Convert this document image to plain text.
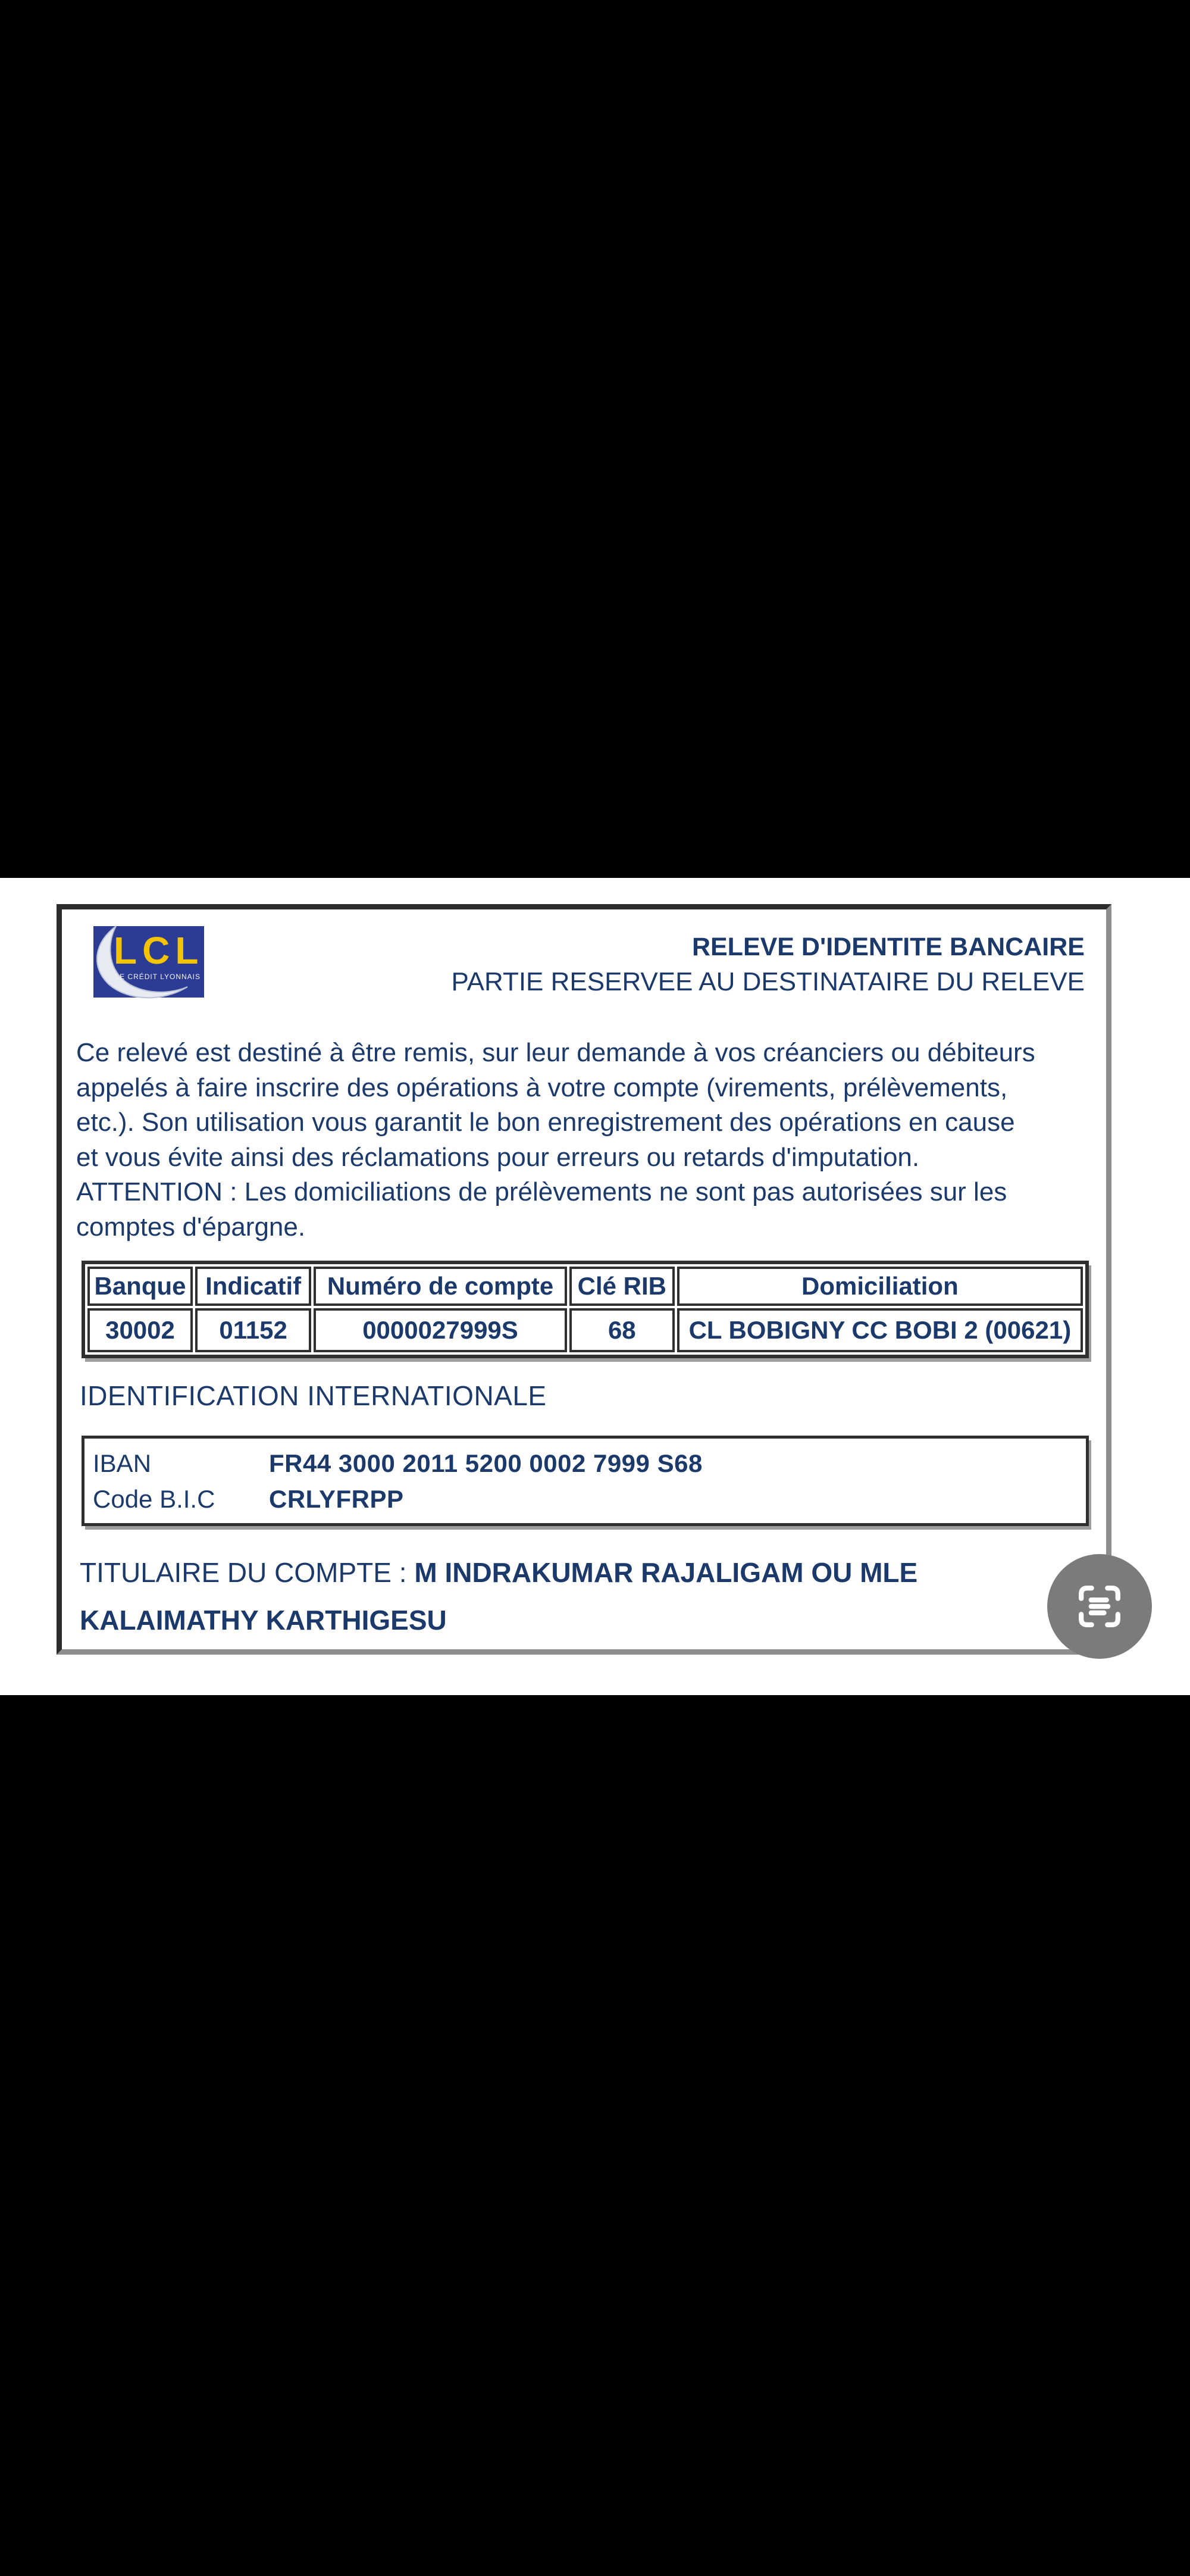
LCL
LE CRÉDIT LYONNAIS
RELEVE D'IDENTITE BANCAIRE
PARTIE RESERVEE AU DESTINATAIRE DU RELEVE
Ce relevé est destiné à être remis, sur leur demande à vos créanciers ou débiteurs
appelés à faire inscrire des opérations à votre compte (virements, prélèvements,
etc.). Son utilisation vous garantit le bon enregistrement des opérations en cause
et vous évite ainsi des réclamations pour erreurs ou retards d'imputation.
ATTENTION : Les domiciliations de prélèvements ne sont pas autorisées sur les
comptes d'épargne.
Banque	Indicatif	Numéro de compte	Clé RIB	Domiciliation
30002	01152	0000027999S	68	CL BOBIGNY CC BOBI 2 (00621)
IDENTIFICATION INTERNATIONALE
IBAN	FR44 3000 2011 5200 0002 7999 S68
Code B.I.C	CRLYFRPP
TITULAIRE DU COMPTE : M INDRAKUMAR RAJALIGAM OU MLE KALAIMATHY KARTHIGESU
